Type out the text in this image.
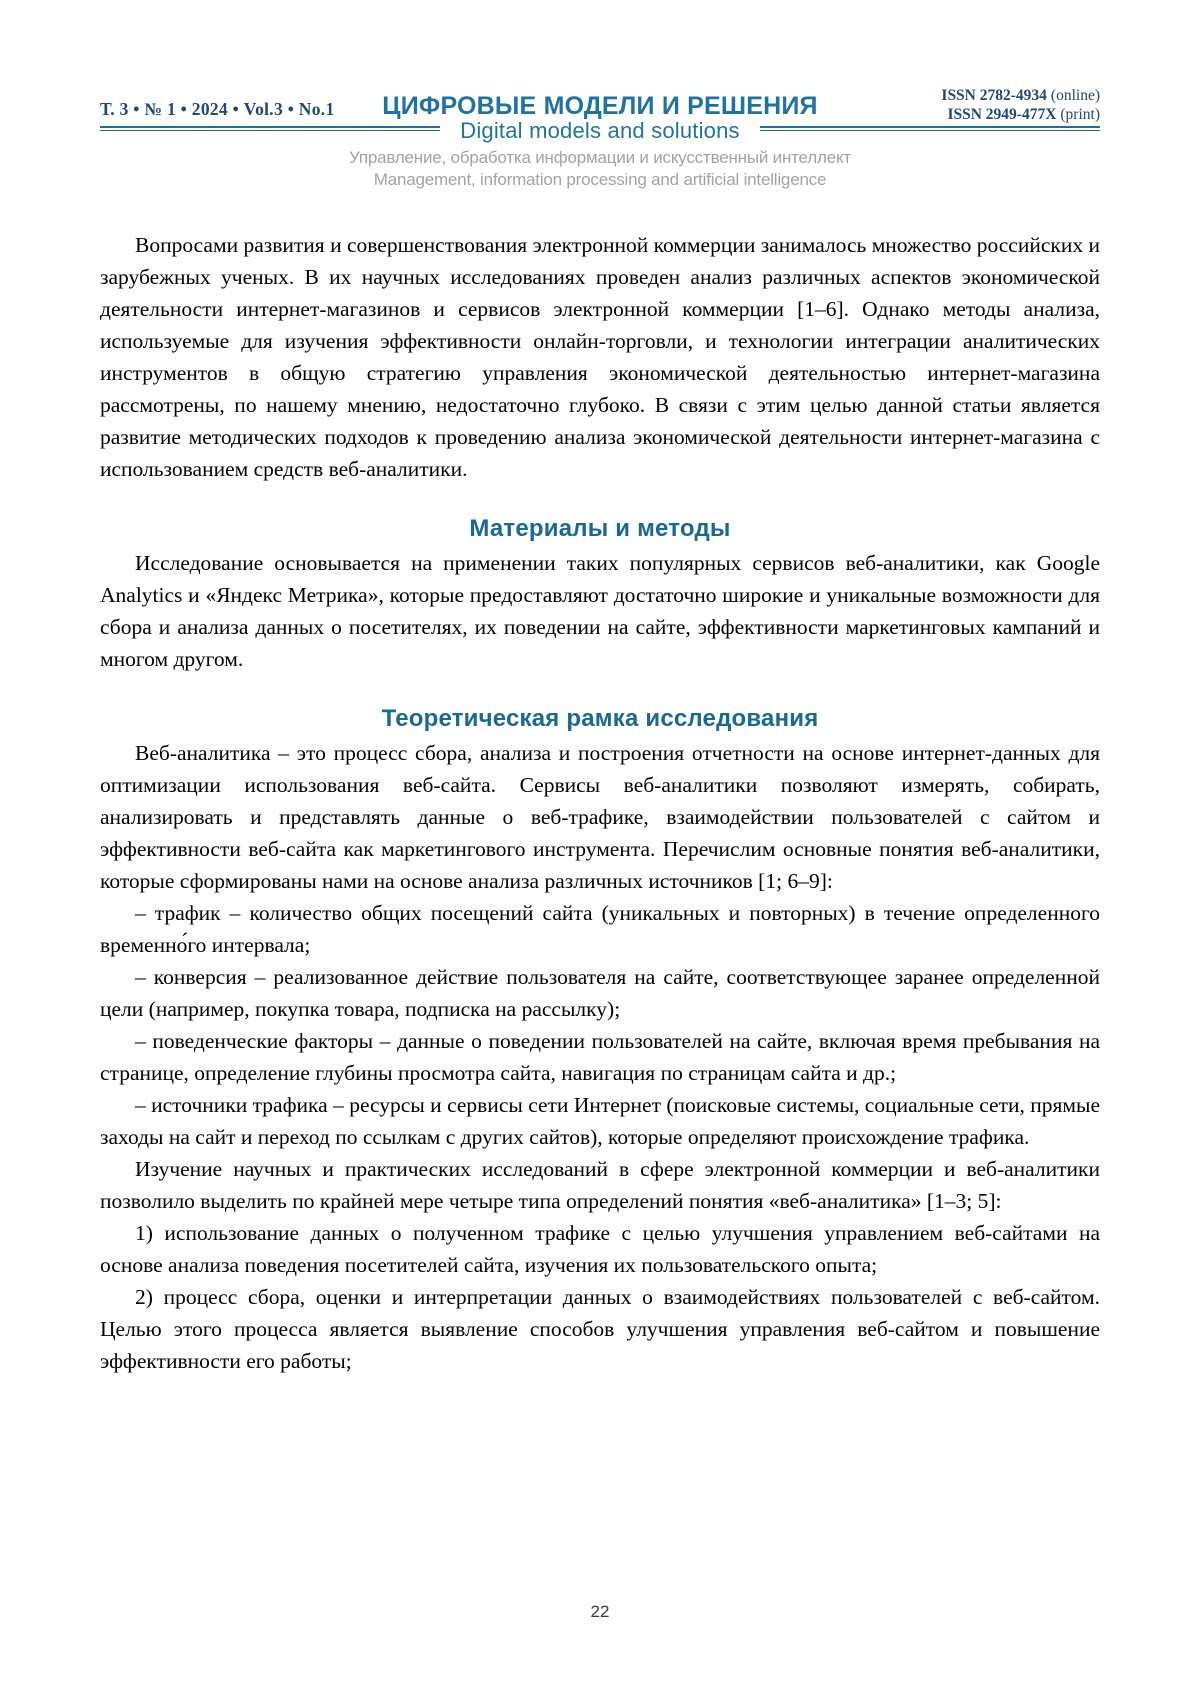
Т. 3 • № 1 • 2024 • Vol.3 • No.1 ЦИФРОВЫЕ МОДЕЛИ И РЕШЕНИЯ
Digital models and solutions
ISSN 2782-4934 (online)
ISSN 2949-477X (print)
Управление, обработка информации и искусственный интеллект
Management, information processing and artificial intelligence

Вопросами развития и совершенствования электронной коммерции занималось множество российских и зарубежных ученых. В их научных исследованиях проведен анализ различных аспектов экономической деятельности интернет-магазинов и сервисов электронной коммерции [1–6]. Однако методы анализа, используемые для изучения эффективности онлайн-торговли, и технологии интеграции аналитических инструментов в общую стратегию управления экономической деятельностью интернет-магазина рассмотрены, по нашему мнению, недостаточно глубоко. В связи с этим целью данной статьи является развитие методических подходов к проведению анализа экономической деятельности интернет-магазина с использованием средств веб-аналитики.

Материалы и методы

Исследование основывается на применении таких популярных сервисов веб-аналитики, как Google Analytics и «Яндекс Метрика», которые предоставляют достаточно широкие и уникальные возможности для сбора и анализа данных о посетителях, их поведении на сайте, эффективности маркетинговых кампаний и многом другом.

Теоретическая рамка исследования

Веб-аналитика – это процесс сбора, анализа и построения отчетности на основе интернет-данных для оптимизации использования веб-сайта. Сервисы веб-аналитики позволяют измерять, собирать, анализировать и представлять данные о веб-трафике, взаимодействии пользователей с сайтом и эффективности веб-сайта как маркетингового инструмента. Перечислим основные понятия веб-аналитики, которые сформированы нами на основе анализа различных источников [1; 6–9]:

– трафик – количество общих посещений сайта (уникальных и повторных) в течение определенного временно́го интервала;

– конверсия – реализованное действие пользователя на сайте, соответствующее заранее определенной цели (например, покупка товара, подписка на рассылку);

– поведенческие факторы – данные о поведении пользователей на сайте, включая время пребывания на странице, определение глубины просмотра сайта, навигация по страницам сайта и др.;

– источники трафика – ресурсы и сервисы сети Интернет (поисковые системы, социальные сети, прямые заходы на сайт и переход по ссылкам с других сайтов), которые определяют происхождение трафика.

Изучение научных и практических исследований в сфере электронной коммерции и веб-аналитики позволило выделить по крайней мере четыре типа определений понятия «веб-аналитика» [1–3; 5]:

1) использование данных о полученном трафике с целью улучшения управлением веб-сайтами на основе анализа поведения посетителей сайта, изучения их пользовательского опыта;

2) процесс сбора, оценки и интерпретации данных о взаимодействиях пользователей с веб-сайтом. Целью этого процесса является выявление способов улучшения управления веб-сайтом и повышение эффективности его работы;

22
